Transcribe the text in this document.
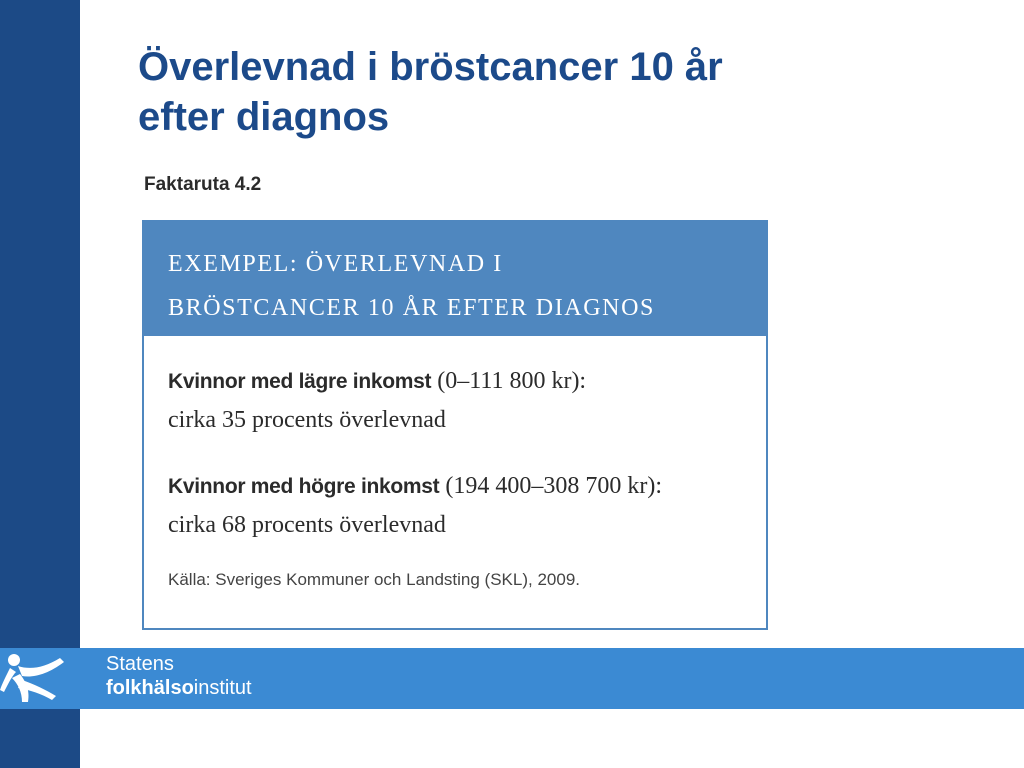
Överlevnad i bröstcancer 10 år
efter diagnos
Faktaruta 4.2
EXEMPEL: ÖVERLEVNAD I
BRÖSTCANCER 10 ÅR EFTER DIAGNOS
Kvinnor med lägre inkomst (0–111 800 kr):
cirka 35 procents överlevnad
Kvinnor med högre inkomst (194 400–308 700 kr):
cirka 68 procents överlevnad
Källa: Sveriges Kommuner och Landsting (SKL), 2009.
Statens
folkhälsoinstitut
